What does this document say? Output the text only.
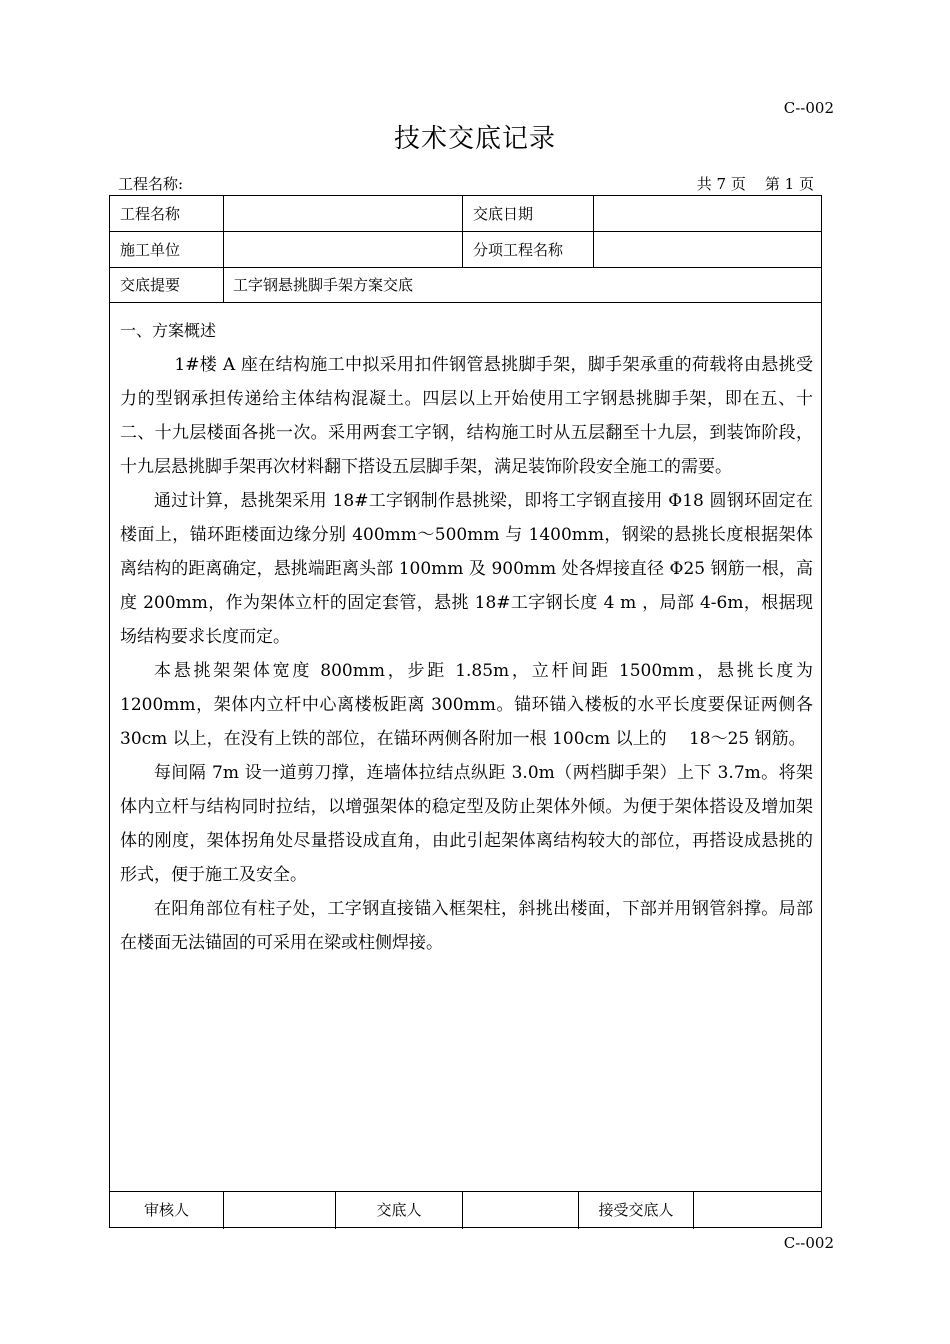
C--002
技术交底记录
工程名称:	共 7 页    第 1 页
工程名称	交底日期
施工单位	分项工程名称
交底提要	工字钢悬挑脚手架方案交底
一、方案概述

1#楼 A 座在结构施工中拟采用扣件钢管悬挑脚手架，脚手架承重的荷载将由悬挑受力的型钢承担传递给主体结构混凝土。四层以上开始使用工字钢悬挑脚手架，即在五、十二、十九层楼面各挑一次。采用两套工字钢，结构施工时从五层翻至十九层，到装饰阶段，十九层悬挑脚手架再次材料翻下搭设五层脚手架，满足装饰阶段安全施工的需要。

通过计算，悬挑架采用 18#工字钢制作悬挑梁，即将工字钢直接用 Φ18 圆钢环固定在楼面上，锚环距楼面边缘分别 400mm～500mm 与 1400mm，钢梁的悬挑长度根据架体离结构的距离确定，悬挑端距离头部 100mm 及 900mm 处各焊接直径 Φ25 钢筋一根，高度 200mm，作为架体立杆的固定套管，悬挑 18#工字钢长度 4 m ，局部 4-6m，根据现场结构要求长度而定。

本悬挑架架体宽度 800mm，步距 1.85m，立杆间距 1500mm，悬挑长度为 1200mm，架体内立杆中心离楼板距离 300mm。锚环锚入楼板的水平长度要保证两侧各 30cm 以上，在没有上铁的部位，在锚环两侧各附加一根 100cm 以上的　 18～25 钢筋。

每间隔 7m 设一道剪刀撑，连墙体拉结点纵距 3.0m（两档脚手架）上下 3.7m。将架体内立杆与结构同时拉结，以增强架体的稳定型及防止架体外倾。为便于架体搭设及增加架体的刚度，架体拐角处尽量搭设成直角，由此引起架体离结构较大的部位，再搭设成悬挑的形式，便于施工及安全。

在阳角部位有柱子处，工字钢直接锚入框架柱，斜挑出楼面，下部并用钢管斜撑。局部在楼面无法锚固的可采用在梁或柱侧焊接。

审核人	交底人	接受交底人
C--002
